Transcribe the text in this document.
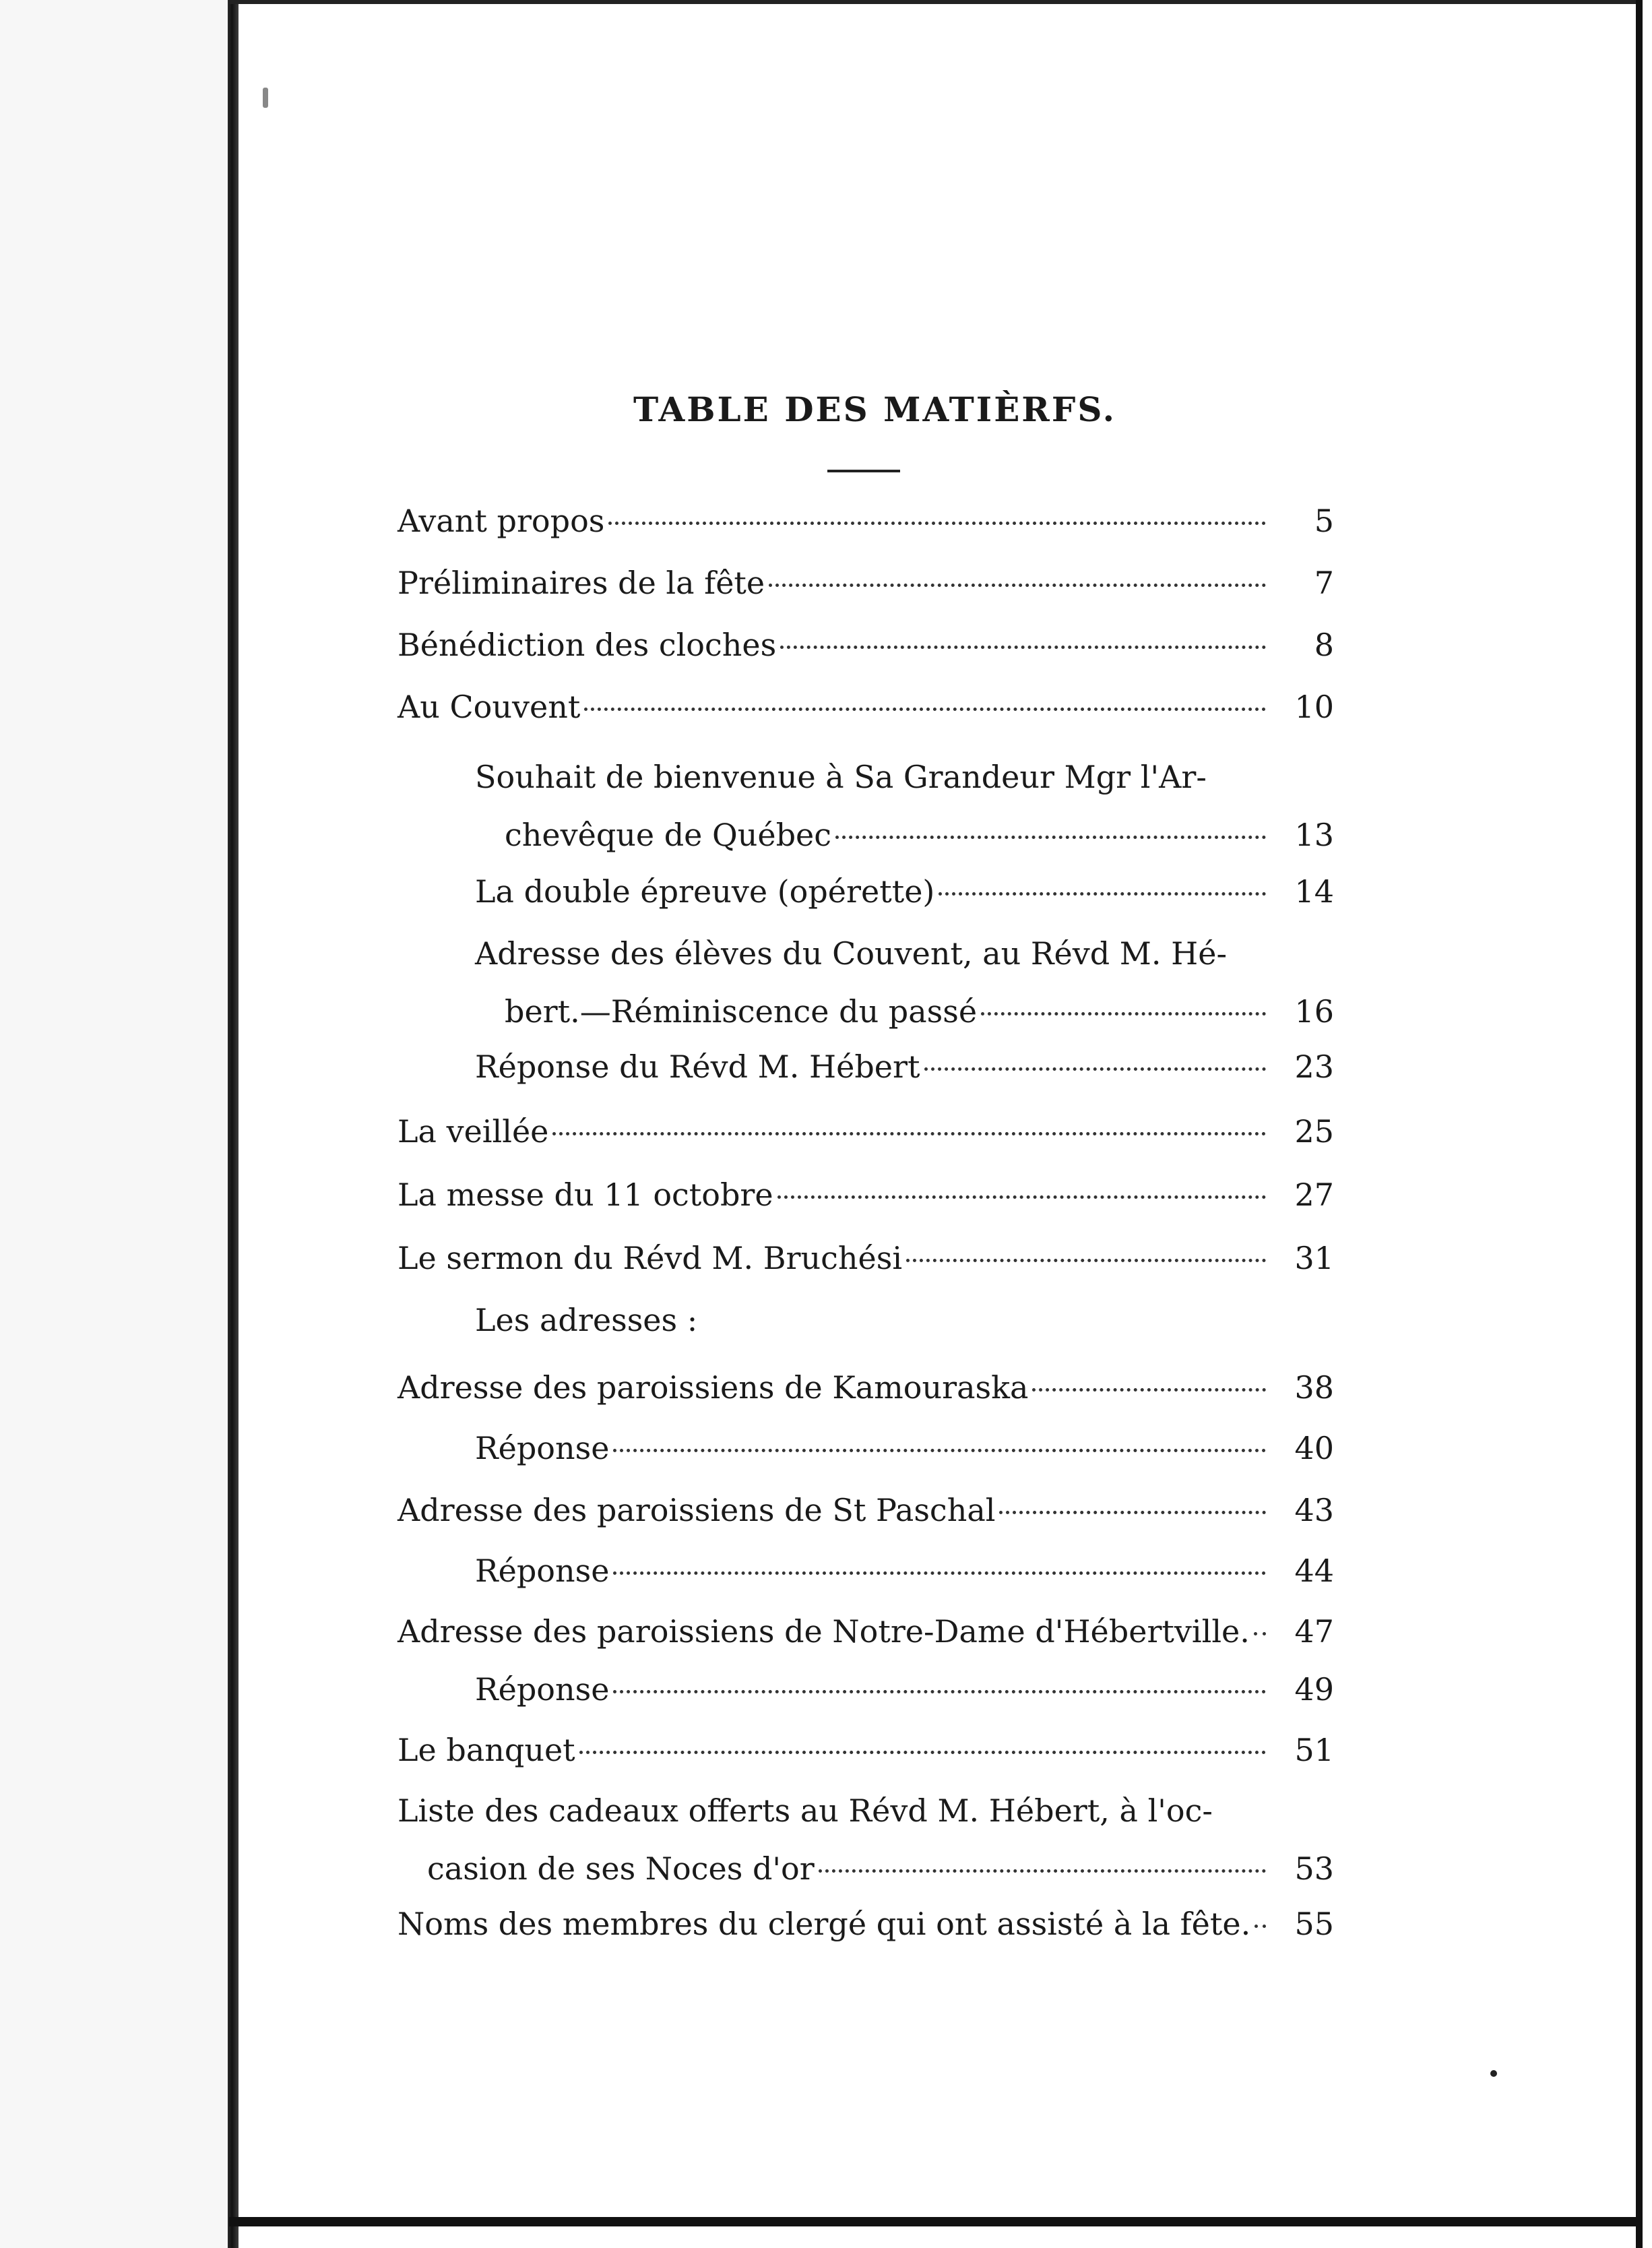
TABLE DES MATIÈRFS.
Avant propos	5
Préliminaires de la fête	7
Bénédiction des cloches	8
Au Couvent	10
Souhait de bienvenue à Sa Grandeur Mgr l'Ar-
chevêque de Québec	13
La double épreuve (opérette)	14
Adresse des élèves du Couvent, au Révd M. Hé-
bert.—Réminiscence du passé	16
Réponse du Révd M. Hébert	23
La veillée	25
La messe du 11 octobre	27
Le sermon du Révd M. Bruchési	31
Les adresses :
Adresse des paroissiens de Kamouraska	38
Réponse	40
Adresse des paroissiens de St Paschal	43
Réponse	44
Adresse des paroissiens de Notre-Dame d'Hébertville.	47
Réponse	49
Le banquet	51
Liste des cadeaux offerts au Révd M. Hébert, à l'oc-
casion de ses Noces d'or	53
Noms des membres du clergé qui ont assisté à la fête.	55
